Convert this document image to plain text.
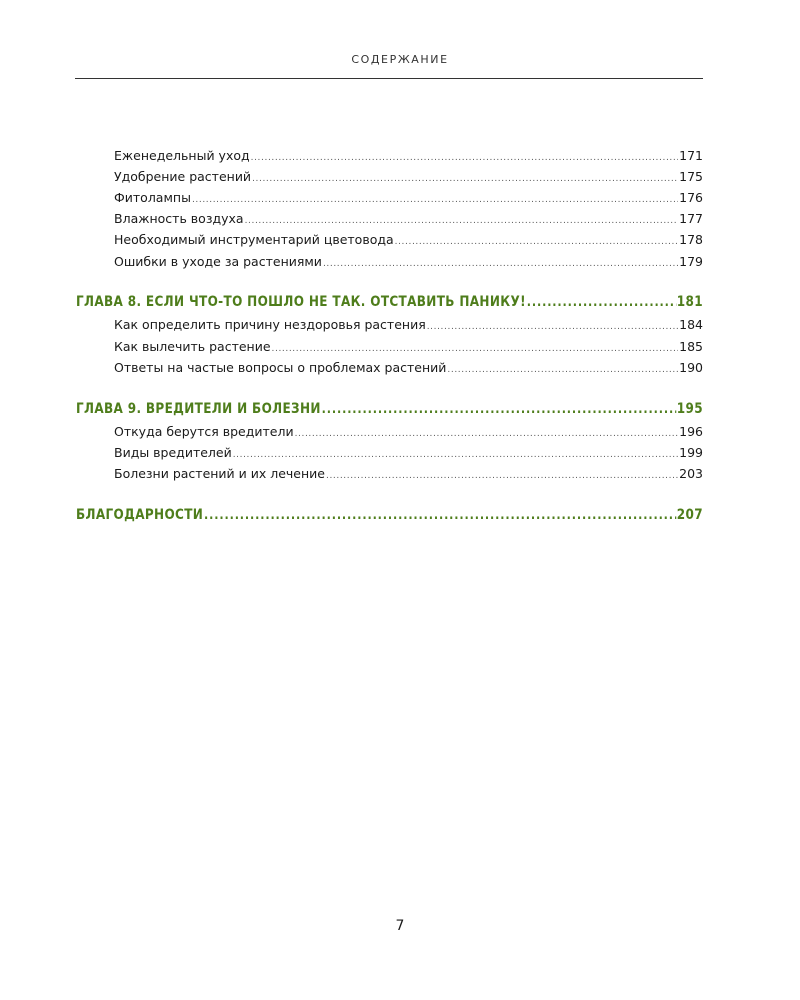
СОДЕРЖАНИЕ
Еженедельный уход .....	171
Удобрение растений .....	175
Фитолампы .....	176
Влажность воздуха .....	177
Необходимый инструментарий цветовода .....	178
Ошибки в уходе за растениями .....	179
ГЛАВА 8. ЕСЛИ ЧТО-ТО ПОШЛО НЕ ТАК. ОТСТАВИТЬ ПАНИКУ! .....	181
Как определить причину нездоровья растения .....	184
Как вылечить растение .....	185
Ответы на частые вопросы о проблемах растений .....	190
ГЛАВА 9. ВРЕДИТЕЛИ И БОЛЕЗНИ .....	195
Откуда берутся вредители .....	196
Виды вредителей .....	199
Болезни растений и их лечение .....	203
БЛАГОДАРНОСТИ .....	207
7
